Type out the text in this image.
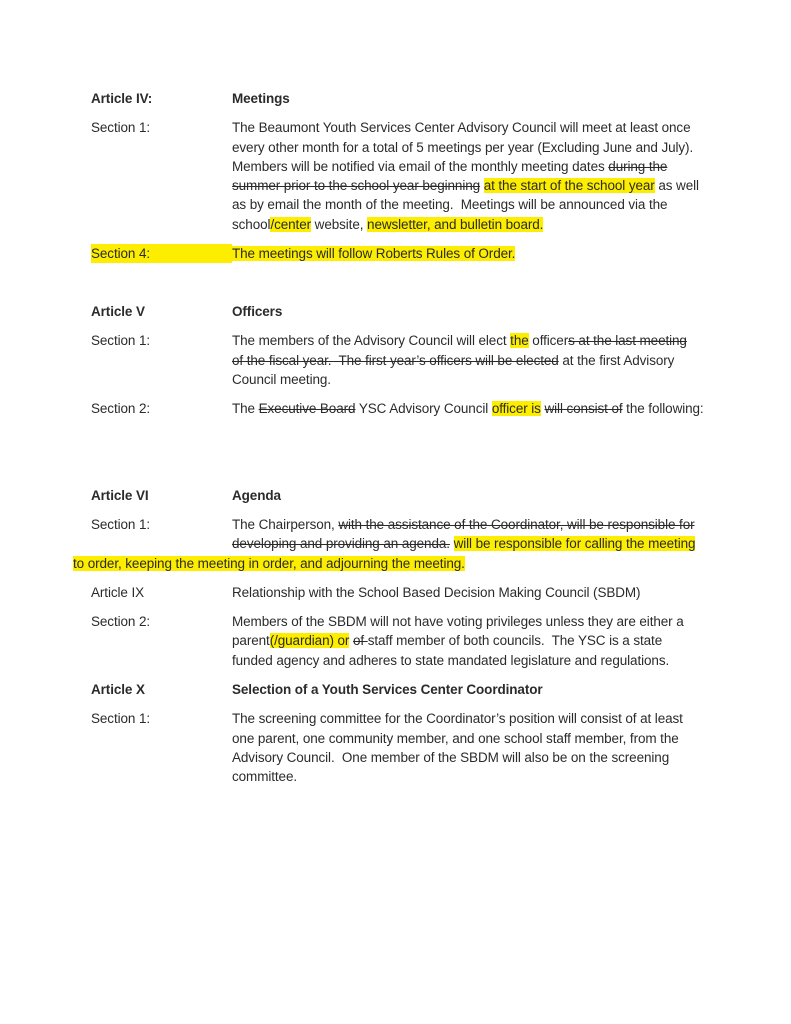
Article IV:	Meetings
Section 1:	The Beaumont Youth Services Center Advisory Council will meet at least once
every other month for a total of 5 meetings per year (Excluding June and July).
Members will be notified via email of the monthly meeting dates during the
summer prior to the school year beginning at the start of the school year as well
as by email the month of the meeting.  Meetings will be announced via the
school/center website, newsletter, and bulletin board.
Section 4:	The meetings will follow Roberts Rules of Order.
Article V	Officers
Section 1:	The members of the Advisory Council will elect the officers at the last meeting
of the fiscal year.  The first year’s officers will be elected at the first Advisory
Council meeting.
Section 2:	The Executive Board YSC Advisory Council officer is will consist of the following:
Article VI	Agenda
Section 1:	The Chairperson, with the assistance of the Coordinator, will be responsible for
developing and providing an agenda. will be responsible for calling the meeting
to order, keeping the meeting in order, and adjourning the meeting.
Article IX	Relationship with the School Based Decision Making Council (SBDM)
Section 2:	Members of the SBDM will not have voting privileges unless they are either a
parent(/guardian) or of staff member of both councils.  The YSC is a state
funded agency and adheres to state mandated legislature and regulations.
Article X	Selection of a Youth Services Center Coordinator
Section 1:	The screening committee for the Coordinator’s position will consist of at least
one parent, one community member, and one school staff member, from the
Advisory Council.  One member of the SBDM will also be on the screening
committee.
